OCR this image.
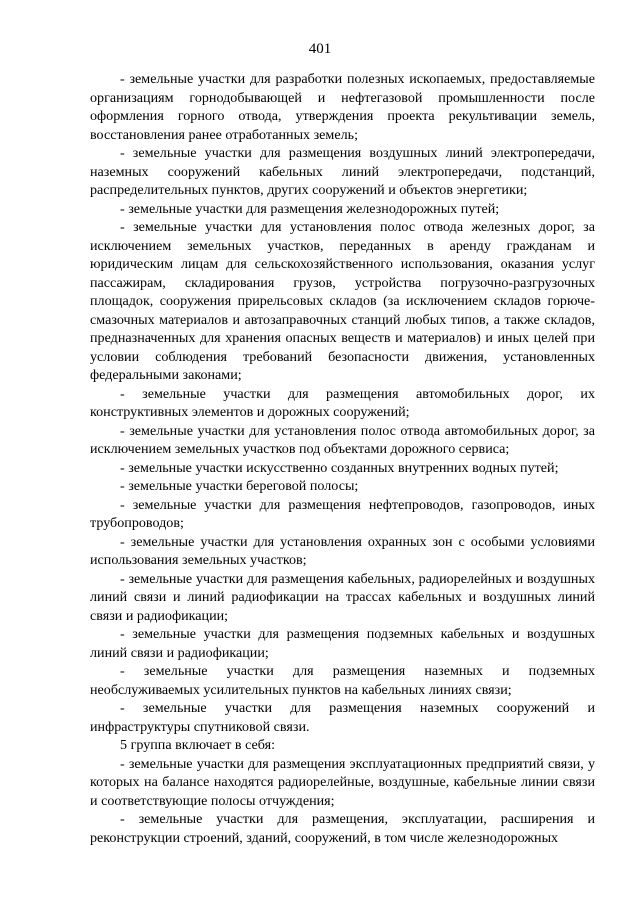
401

- земельные участки для разработки полезных ископаемых, предоставляемые организациям горнодобывающей и нефтегазовой промышленности после оформления горного отвода, утверждения проекта рекультивации земель, восстановления ранее отработанных земель;

- земельные участки для размещения воздушных линий электропередачи, наземных сооружений кабельных линий электропередачи, подстанций, распределительных пунктов, других сооружений и объектов энергетики;

- земельные участки для размещения железнодорожных путей;

- земельные участки для установления полос отвода железных дорог, за исключением земельных участков, переданных в аренду гражданам и юридическим лицам для сельскохозяйственного использования, оказания услуг пассажирам, складирования грузов, устройства погрузочно-разгрузочных площадок, сооружения прирельсовых складов (за исключением складов горюче-смазочных материалов и автозаправочных станций любых типов, а также складов, предназначенных для хранения опасных веществ и материалов) и иных целей при условии соблюдения требований безопасности движения, установленных федеральными законами;

- земельные участки для размещения автомобильных дорог, их конструктивных элементов и дорожных сооружений;

- земельные участки для установления полос отвода автомобильных дорог, за исключением земельных участков под объектами дорожного сервиса;

- земельные участки искусственно созданных внутренних водных путей;

- земельные участки береговой полосы;

- земельные участки для размещения нефтепроводов, газопроводов, иных трубопроводов;

- земельные участки для установления охранных зон с особыми условиями использования земельных участков;

- земельные участки для размещения кабельных, радиорелейных и воздушных линий связи и линий радиофикации на трассах кабельных и воздушных линий связи и радиофикации;

- земельные участки для размещения подземных кабельных и воздушных линий связи и радиофикации;

- земельные участки для размещения наземных и подземных необслуживаемых усилительных пунктов на кабельных линиях связи;

- земельные участки для размещения наземных сооружений и инфраструктуры спутниковой связи.

5 группа включает в себя:

- земельные участки для размещения эксплуатационных предприятий связи, у которых на балансе находятся радиорелейные, воздушные, кабельные линии связи и соответствующие полосы отчуждения;

- земельные участки для размещения, эксплуатации, расширения и реконструкции строений, зданий, сооружений, в том числе железнодорожных
